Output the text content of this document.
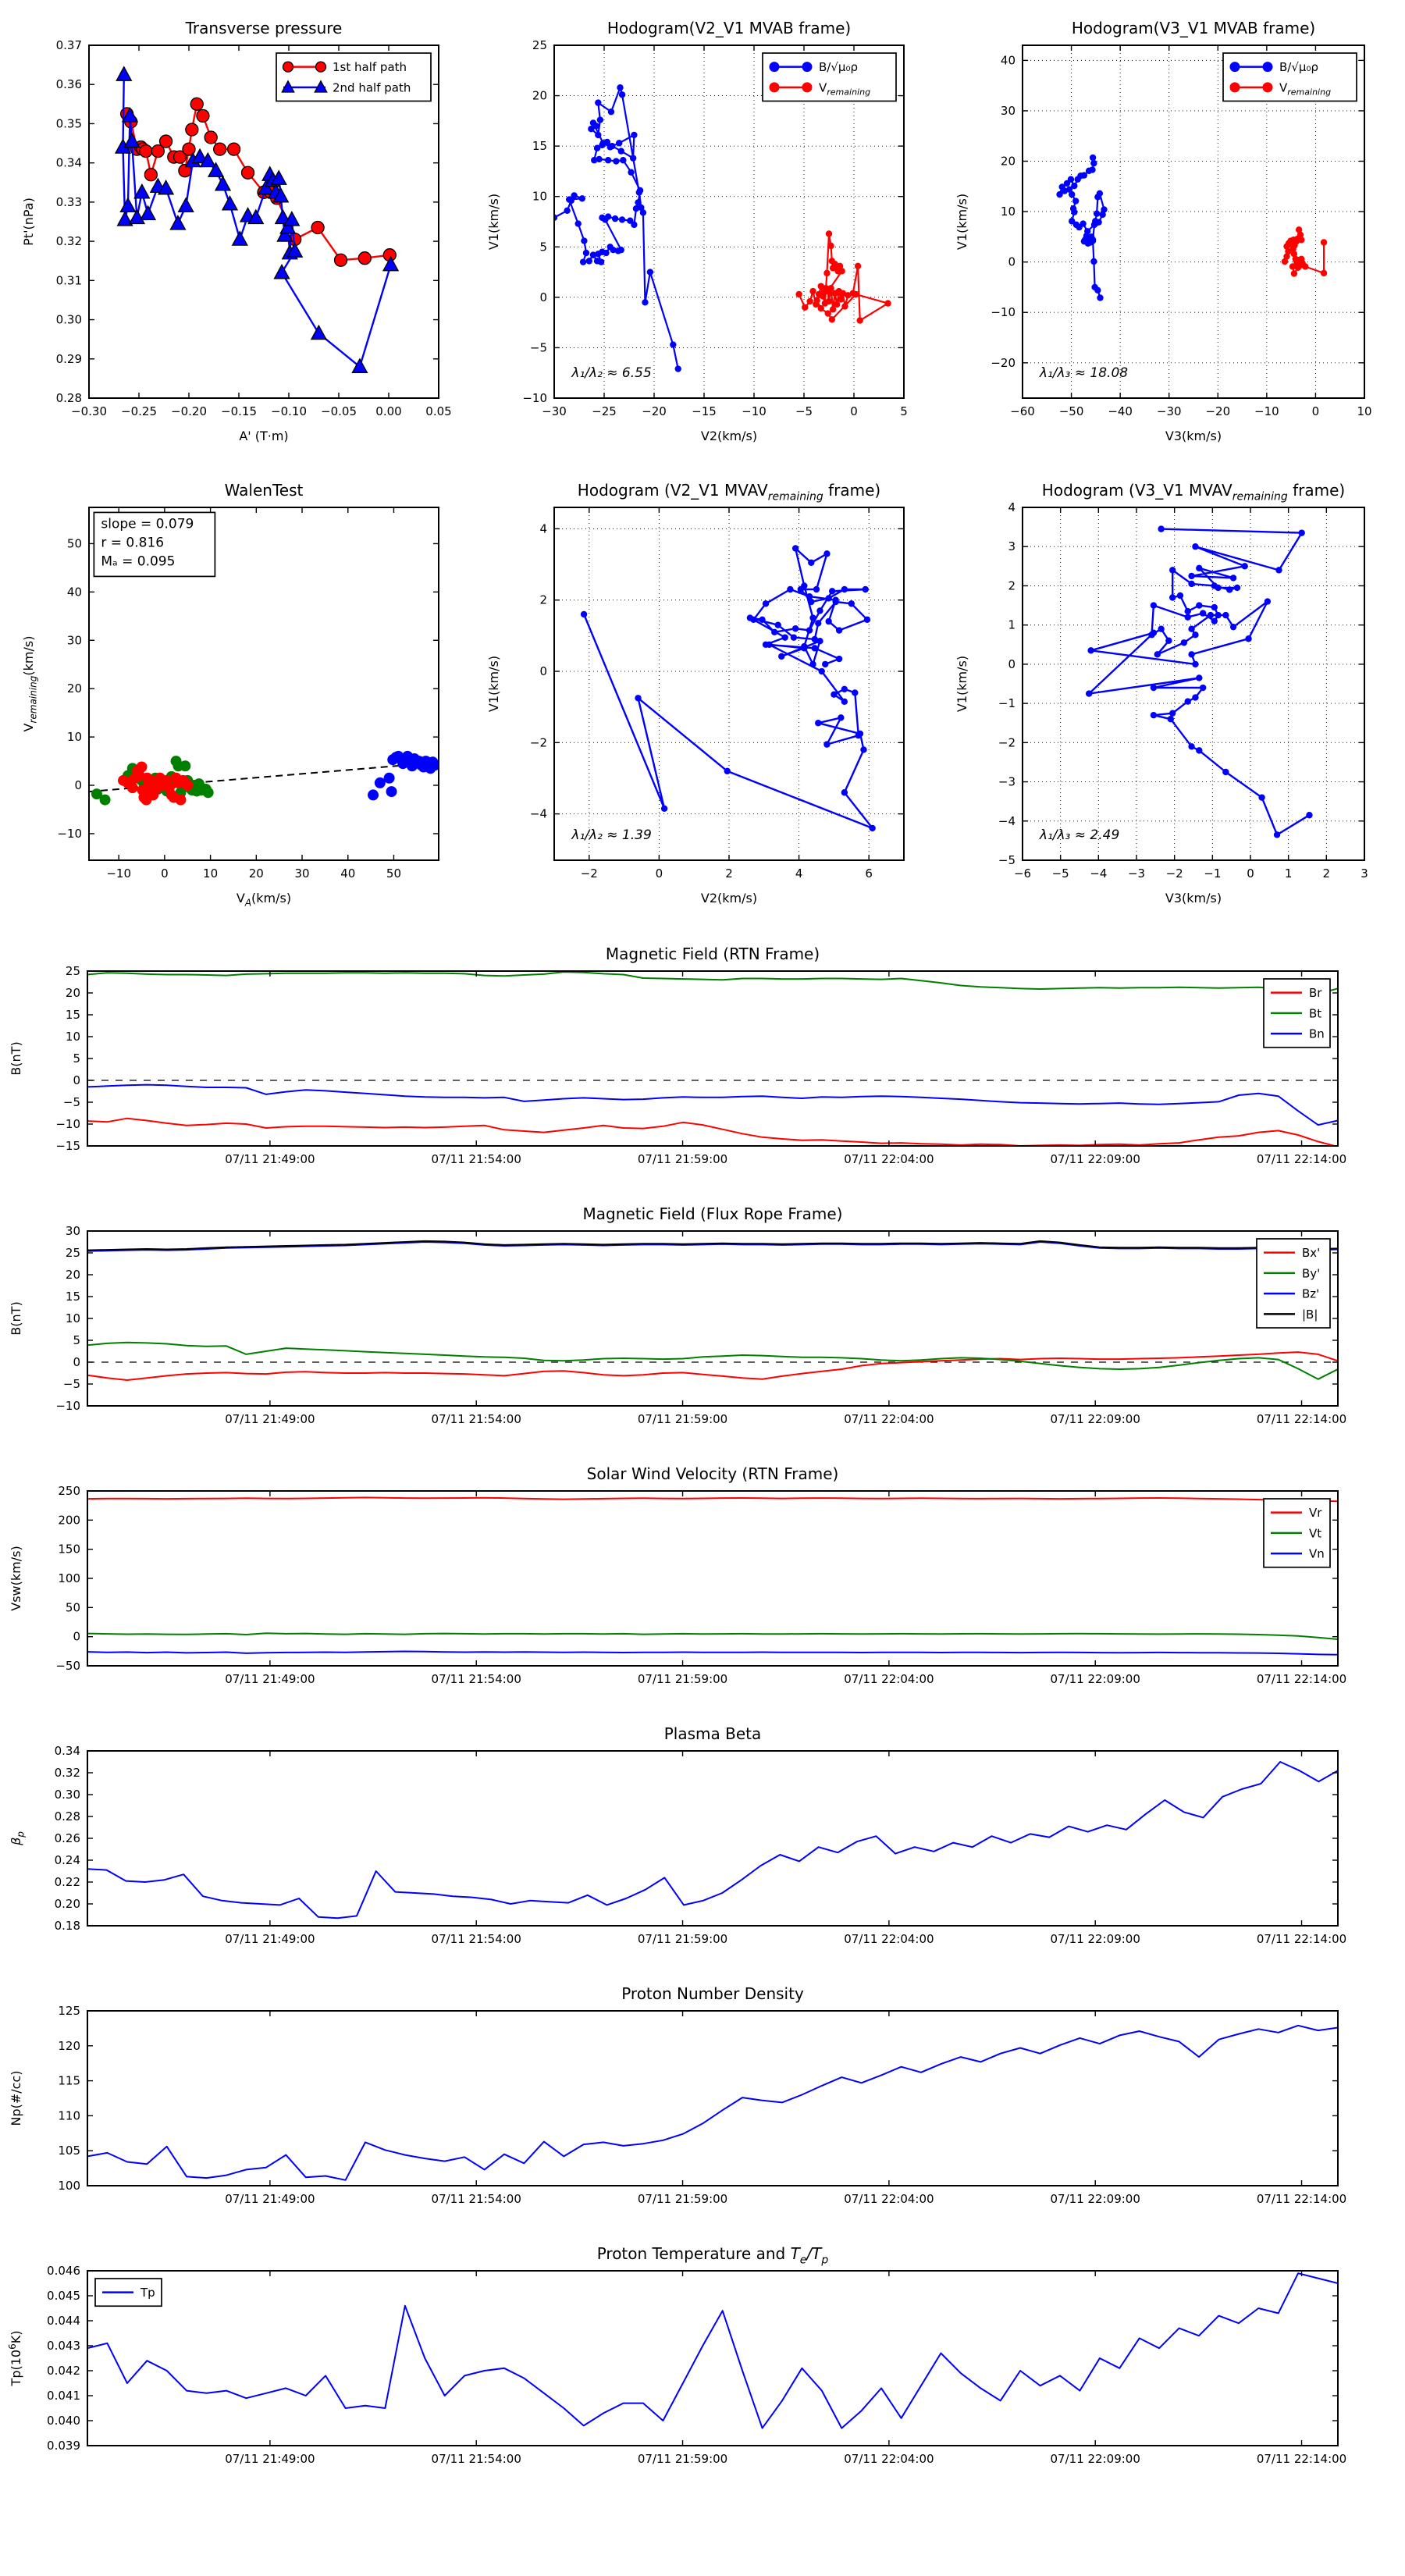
−0.30 −0.25 −0.20 −0.15 −0.10 −0.05 0.00 0.05
0.28
0.29
0.30
0.31
0.32
0.33
0.34
0.35
0.36
0.37
Transverse pressure
A' (T·m)
Pt'(nPa)
1st half path
2nd half path
−30 −25 −20 −15 −10 −5	0	5
−10
−5
0
5
10
15
20
25
Hodogram(V2_V1 MVAB frame)
V2(km/s)
V1(km/s)
B/√μ₀ρ
$V_{remaining}$
λ₁/λ₂ ≈ 6.55
−60 −50 −40 −30 −20 −10	0	10
−20
−10
0
10
20
30
40
Hodogram(V3_V1 MVAB frame)
V3(km/s)
V1(km/s)
B/√μ₀ρ
$V_{remaining}$
λ₁/λ₃ ≈ 18.08
−10	0	10	20	30	40	50
−10
0
10
20
30
40
50
WalenTest
$V_A(km/s)$
$V_{remaining}(km/s)$
slope = 0.079
r = 0.816
Mₐ = 0.095
−2	0	2	4	6
−4
−2
0
2
4
Hodogram (V2_V1 $MVAV_{remaining}$ frame)
V2(km/s)
V1(km/s)
λ₁/λ₂ ≈ 1.39
−6 −5 −4 −3 −2 −1 0	1	2	3
−5
−4
−3
−2
−1
0
1
2
3
4
Hodogram (V3_V1 $MVAV_{remaining}$ frame)
V3(km/s)
V1(km/s)
λ₁/λ₃ ≈ 2.49
07/11 21:49:00	07/11 21:54:00	07/11 21:59:00	07/11 22:04:00	07/11 22:09:00	07/11 22:14:00
−15
−10
−5
0
5
10
15
20
25
Magnetic Field (RTN Frame)
B(nT)
Br
Bt
Bn
07/11 21:49:00	07/11 21:54:00	07/11 21:59:00	07/11 22:04:00	07/11 22:09:00	07/11 22:14:00
−10
−5
0
5
10
15
20
25
30
Magnetic Field (Flux Rope Frame)
B(nT)
Bx'
By'
Bz'
|B|
07/11 21:49:00	07/11 21:54:00	07/11 21:59:00	07/11 22:04:00	07/11 22:09:00	07/11 22:14:00
−50
0
50
100
150
200
250
Solar Wind Velocity (RTN Frame)
Vsw(km/s)
Vr
Vt
Vn
07/11 21:49:00	07/11 21:54:00	07/11 21:59:00	07/11 22:04:00	07/11 22:09:00	07/11 22:14:00
0.18
0.20
0.22
0.24
0.26
0.28
0.30
0.32
0.34
Plasma Beta
$\beta_p$
07/11 21:49:00	07/11 21:54:00	07/11 21:59:00	07/11 22:04:00	07/11 22:09:00	07/11 22:14:00
100
105
110
115
120
125
Proton Number Density
Np(#/cc)
07/11 21:49:00	07/11 21:54:00	07/11 21:59:00	07/11 22:04:00	07/11 22:09:00	07/11 22:14:00
0.039
0.040
0.041
0.042
0.043
0.044
0.045
0.046
Proton Temperature and $T_e/T_p$
$Tp(10^6K)$
Tp
